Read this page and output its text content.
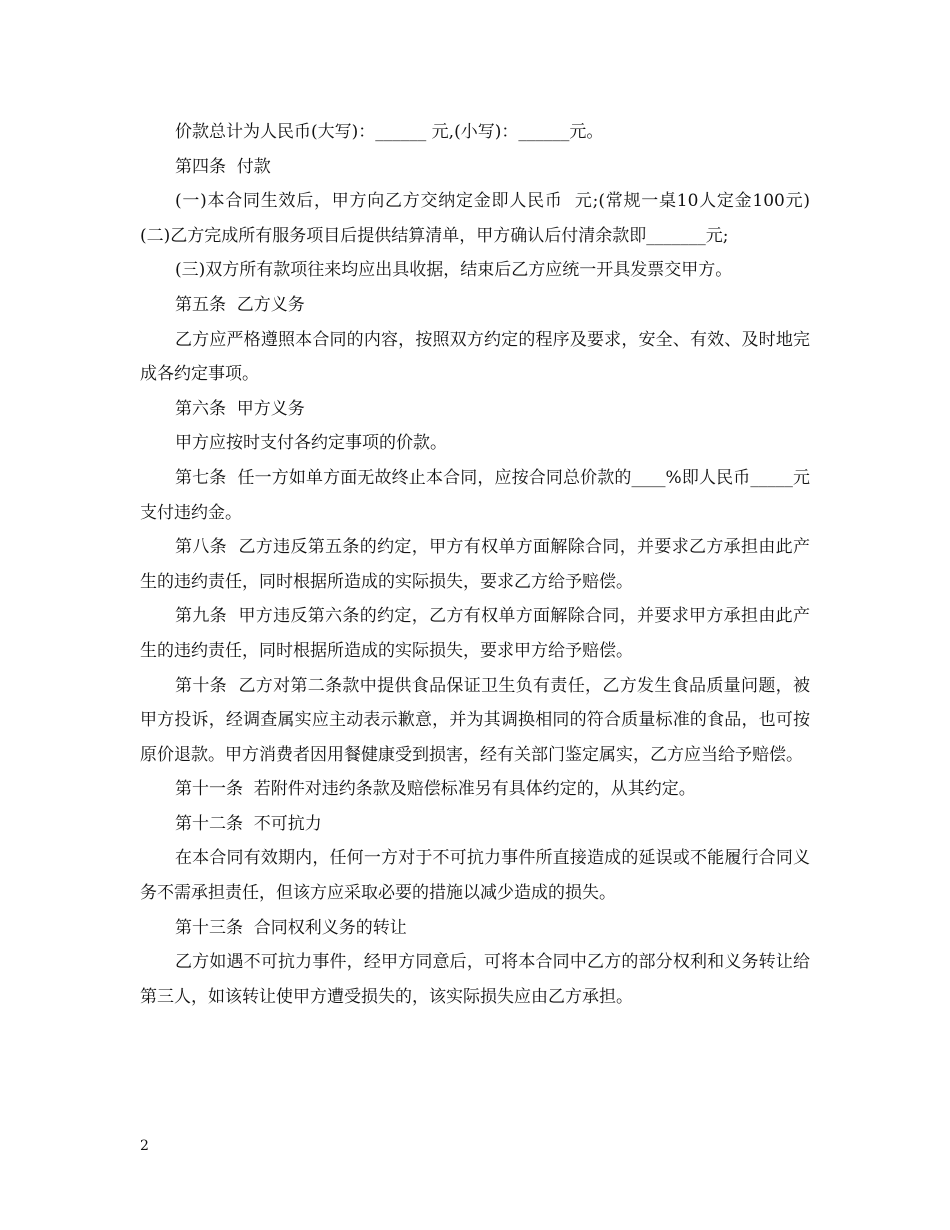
价款总计为人民币(大写)：______ 元,(小写)：______元。

第四条  付款

(一)本合同生效后，甲方向乙方交纳定金即人民币  元;(常规一桌10人定金100元)(二)乙方完成所有服务项目后提供结算清单，甲方确认后付清余款即_______元;

(三)双方所有款项往来均应出具收据，结束后乙方应统一开具发票交甲方。

第五条  乙方义务

乙方应严格遵照本合同的内容，按照双方约定的程序及要求，安全、有效、及时地完成各约定事项。

第六条  甲方义务

甲方应按时支付各约定事项的价款。

第七条  任一方如单方面无故终止本合同，应按合同总价款的____%即人民币_____元支付违约金。

第八条  乙方违反第五条的约定，甲方有权单方面解除合同，并要求乙方承担由此产生的违约责任，同时根据所造成的实际损失，要求乙方给予赔偿。

第九条  甲方违反第六条的约定，乙方有权单方面解除合同，并要求甲方承担由此产生的违约责任，同时根据所造成的实际损失，要求甲方给予赔偿。

第十条  乙方对第二条款中提供食品保证卫生负有责任，乙方发生食品质量问题，被甲方投诉，经调查属实应主动表示歉意，并为其调换相同的符合质量标准的食品，也可按原价退款。甲方消费者因用餐健康受到损害，经有关部门鉴定属实，乙方应当给予赔偿。

第十一条  若附件对违约条款及赔偿标准另有具体约定的，从其约定。

第十二条  不可抗力

在本合同有效期内，任何一方对于不可抗力事件所直接造成的延误或不能履行合同义务不需承担责任，但该方应采取必要的措施以减少造成的损失。

第十三条  合同权利义务的转让

乙方如遇不可抗力事件，经甲方同意后，可将本合同中乙方的部分权利和义务转让给第三人，如该转让使甲方遭受损失的，该实际损失应由乙方承担。

2
